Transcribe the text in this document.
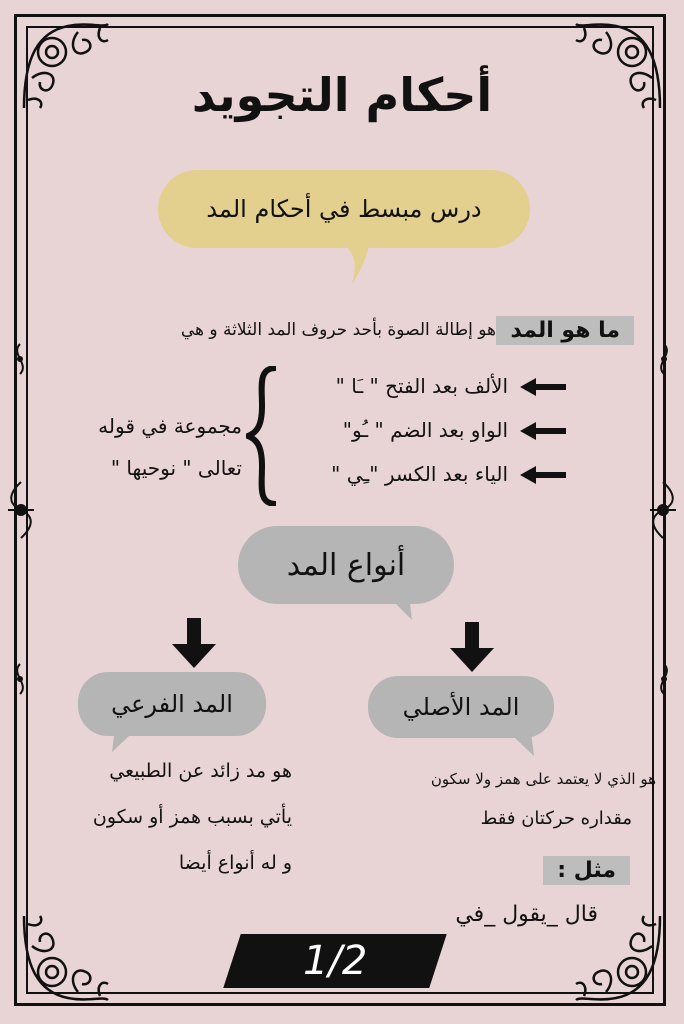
أحكام التجويد
درس مبسط في أحكام المد
ما هو المد
هو إطالة الصوة بأحد حروف المد الثلاثة و هي
الألف بعد الفتح " ـَا "
الواو بعد الضم " ـُو"
الياء بعد الكسر "ـِي "
مجموعة في قوله
تعالى " نوحيها "
أنواع المد
المد الفرعي	المد الأصلي
هو مد زائد عن الطبيعي
يأتي بسبب همز أو سكون
و له أنواع أيضا
هو الذي لا يعتمد على همز ولا سكون
مقداره حركتان فقط
مثل :
قال _يقول _في
1/2
